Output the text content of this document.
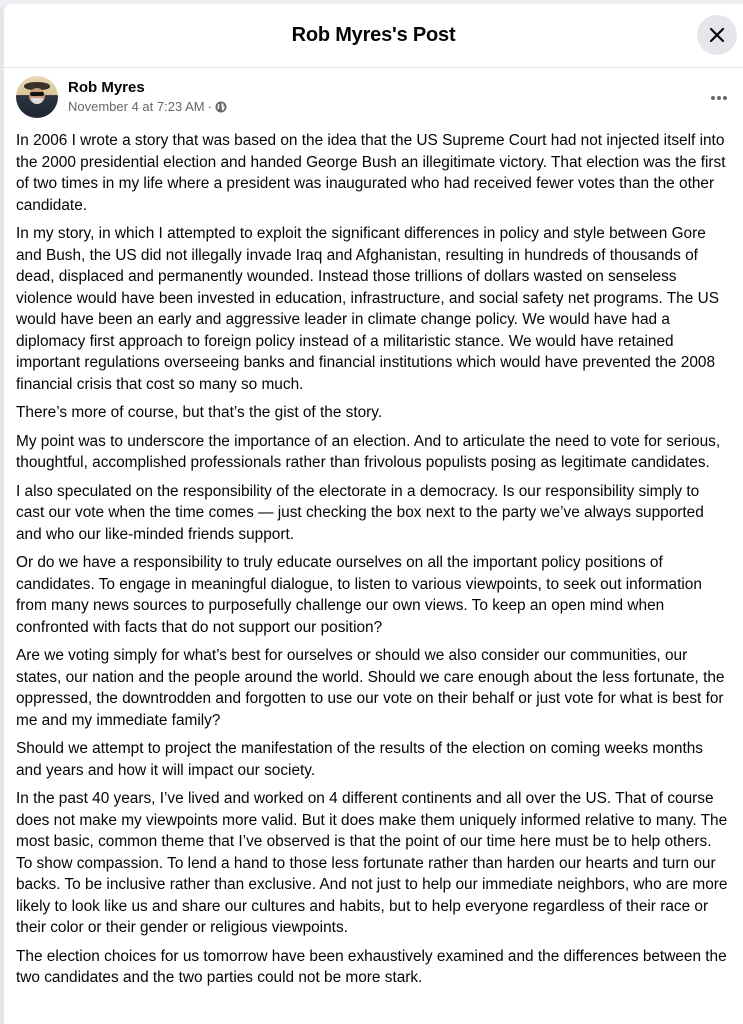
Rob Myres's Post
Rob Myres
November 4 at 7:23 AM ·

In 2006 I wrote a story that was based on the idea that the US Supreme Court had not injected itself into the 2000 presidential election and handed George Bush an illegitimate victory. That election was the first of two times in my life where a president was inaugurated who had received fewer votes than the other candidate.

In my story, in which I attempted to exploit the significant differences in policy and style between Gore and Bush, the US did not illegally invade Iraq and Afghanistan, resulting in hundreds of thousands of dead, displaced and permanently wounded. Instead those trillions of dollars wasted on senseless violence would have been invested in education, infrastructure, and social safety net programs. The US would have been an early and aggressive leader in climate change policy. We would have had a diplomacy first approach to foreign policy instead of a militaristic stance. We would have retained important regulations overseeing banks and financial institutions which would have prevented the 2008 financial crisis that cost so many so much.

There’s more of course, but that’s the gist of the story.

My point was to underscore the importance of an election. And to articulate the need to vote for serious, thoughtful, accomplished professionals rather than frivolous populists posing as legitimate candidates.

I also speculated on the responsibility of the electorate in a democracy. Is our responsibility simply to cast our vote when the time comes — just checking the box next to the party we’ve always supported and who our like-minded friends support.

Or do we have a responsibility to truly educate ourselves on all the important policy positions of candidates. To engage in meaningful dialogue, to listen to various viewpoints, to seek out information from many news sources to purposefully challenge our own views. To keep an open mind when confronted with facts that do not support our position?

Are we voting simply for what’s best for ourselves or should we also consider our communities, our states, our nation and the people around the world. Should we care enough about the less fortunate, the oppressed, the downtrodden and forgotten to use our vote on their behalf or just vote for what is best for me and my immediate family?

Should we attempt to project the manifestation of the results of the election on coming weeks months and years and how it will impact our society.

In the past 40 years, I’ve lived and worked on 4 different continents and all over the US. That of course does not make my viewpoints more valid. But it does make them uniquely informed relative to many. The most basic, common theme that I’ve observed is that the point of our time here must be to help others. To show compassion. To lend a hand to those less fortunate rather than harden our hearts and turn our backs. To be inclusive rather than exclusive. And not just to help our immediate neighbors, who are more likely to look like us and share our cultures and habits, but to help everyone regardless of their race or their color or their gender or religious viewpoints.

The election choices for us tomorrow have been exhaustively examined and the differences between the two candidates and the two parties could not be more stark.
